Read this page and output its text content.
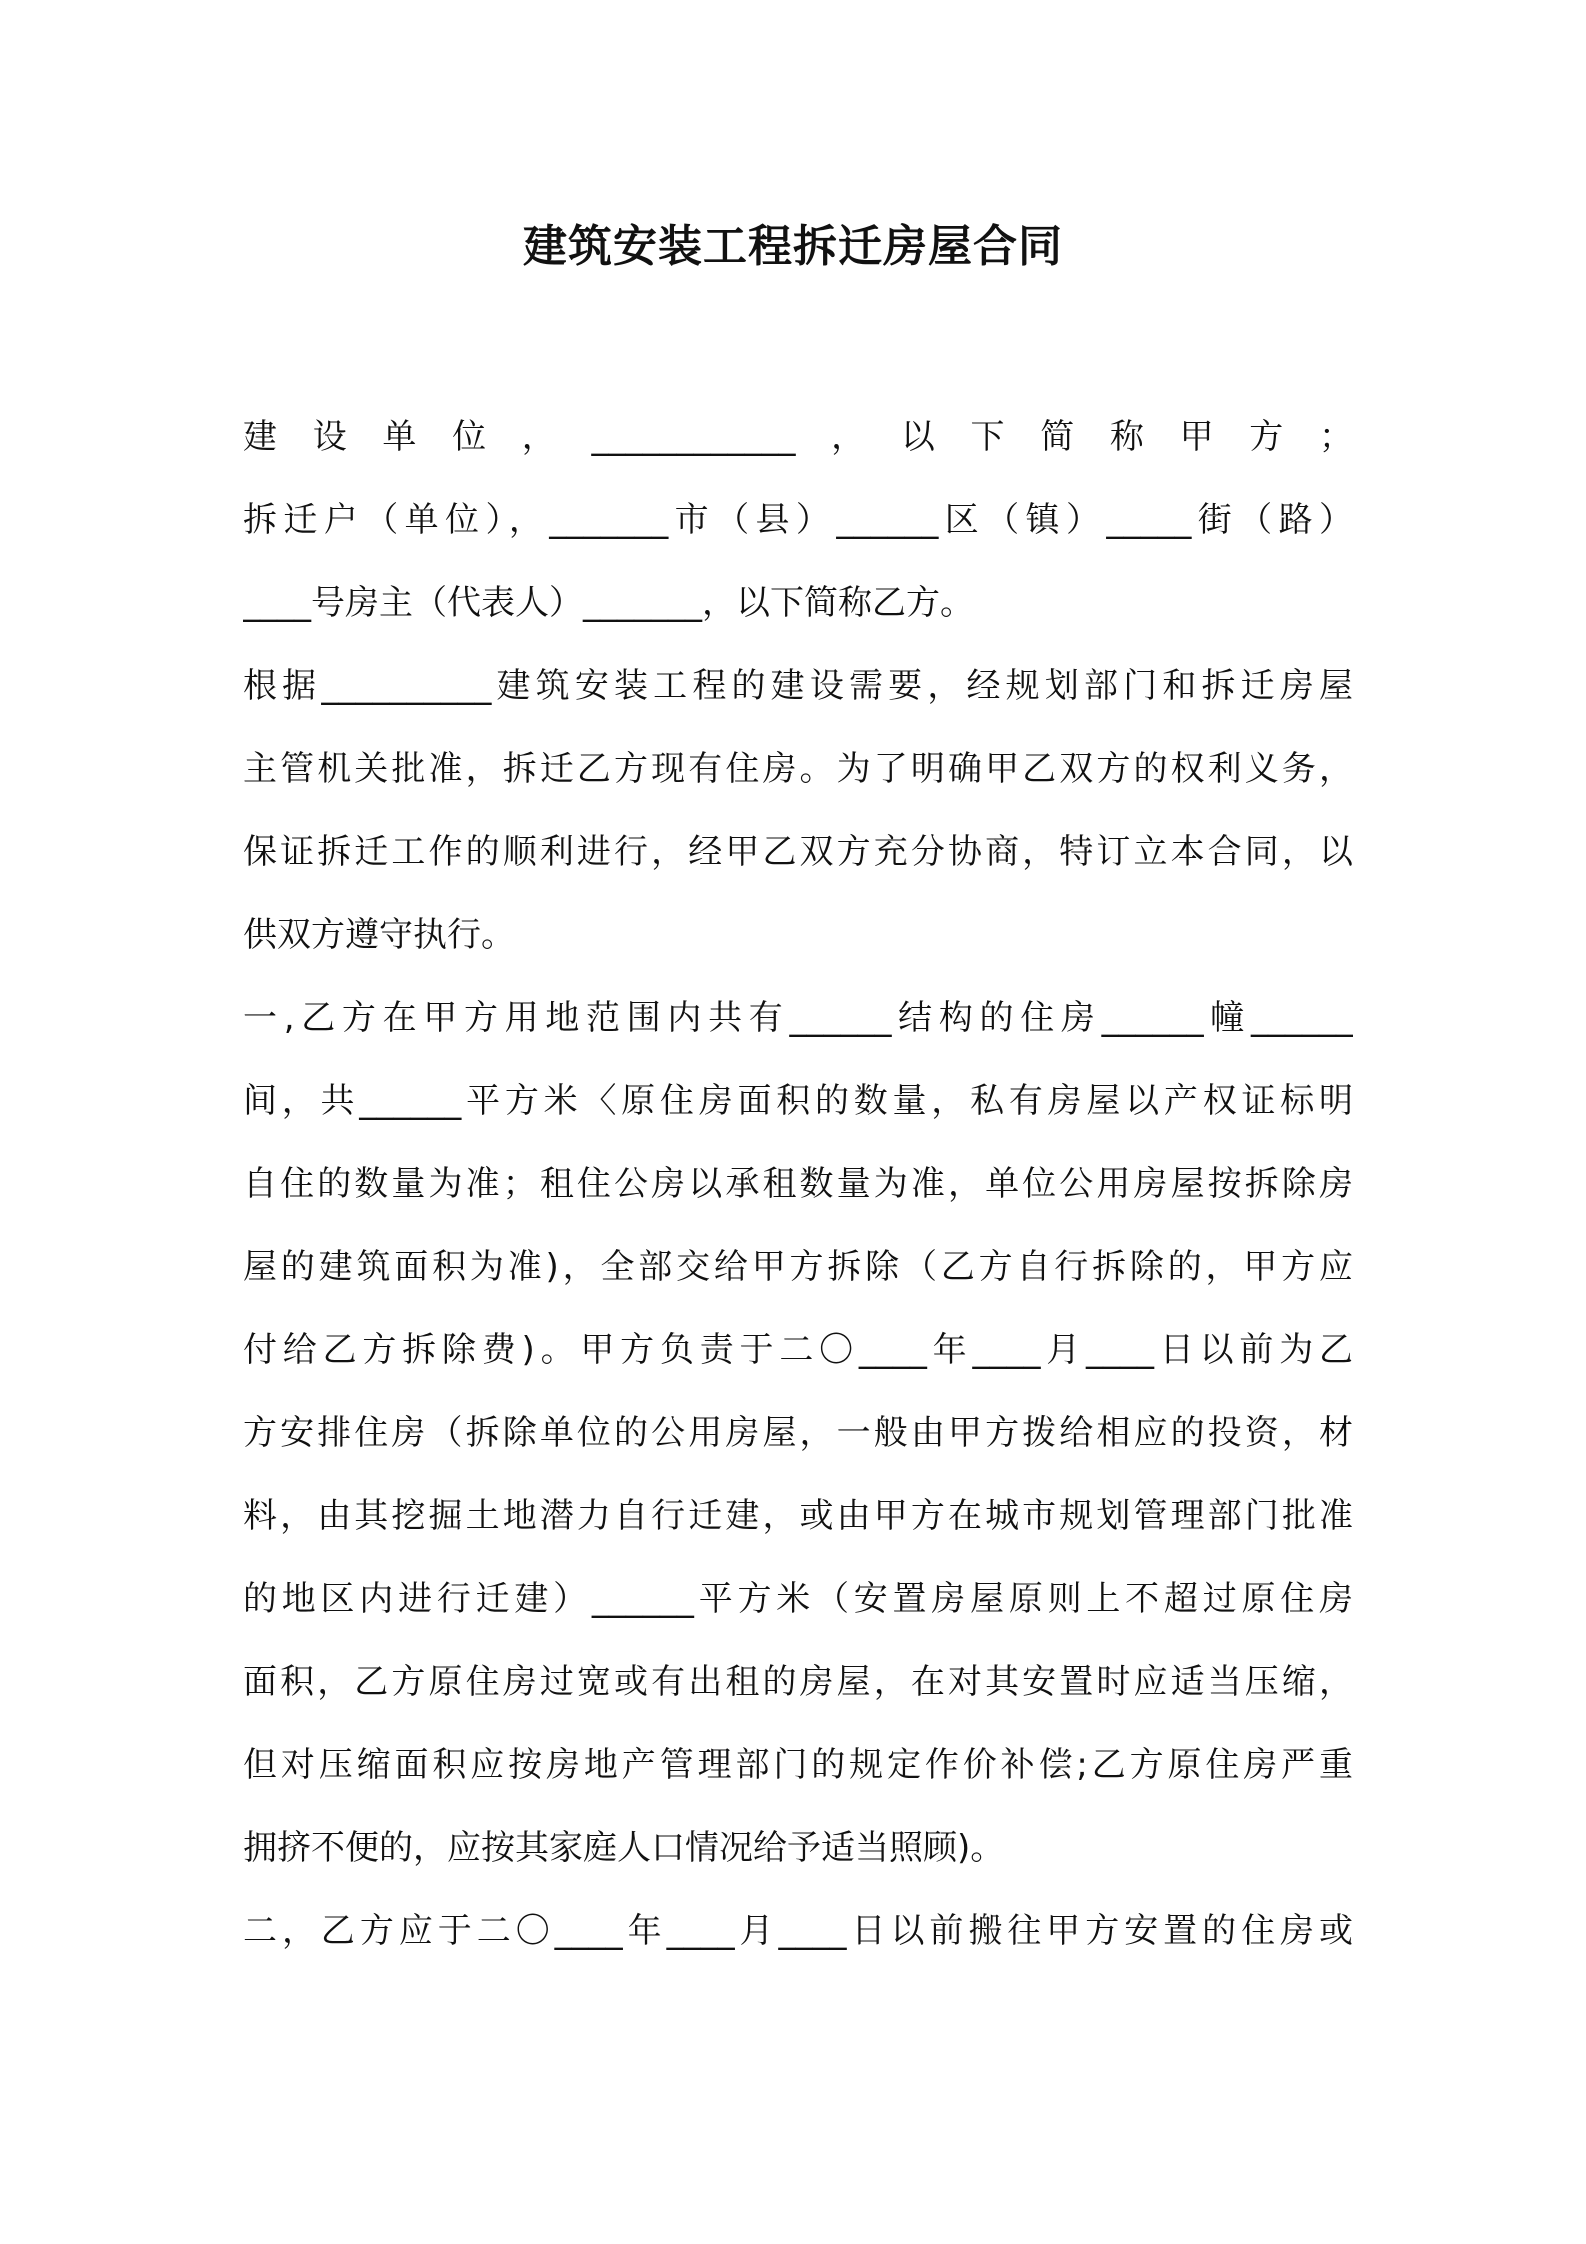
建筑安装工程拆迁房屋合同
建设单位，____________，以下简称甲方；
拆迁户（单位），_______市（县）______区（镇）_____街（路）
____号房主（代表人）_______，以下简称乙方。
根据__________建筑安装工程的建设需要，经规划部门和拆迁房屋
主管机关批准，拆迁乙方现有住房。为了明确甲乙双方的权利义务，
保证拆迁工作的顺利进行，经甲乙双方充分协商，特订立本合同，以
供双方遵守执行。
一,乙方在甲方用地范围内共有______结构的住房______幢______
间，共______平方米〈原住房面积的数量，私有房屋以产权证标明
自住的数量为准；租住公房以承租数量为准，单位公用房屋按拆除房
屋的建筑面积为准)，全部交给甲方拆除（乙方自行拆除的，甲方应
付给乙方拆除费)。甲方负责于二〇____年____月____日以前为乙
方安排住房（拆除单位的公用房屋，一般由甲方拨给相应的投资，材
料，由其挖掘土地潜力自行迁建，或由甲方在城市规划管理部门批准
的地区内进行迁建）______平方米（安置房屋原则上不超过原住房
面积，乙方原住房过宽或有出租的房屋，在对其安置时应适当压缩，
但对压缩面积应按房地产管理部门的规定作价补偿;乙方原住房严重
拥挤不便的，应按其家庭人口情况给予适当照顾)。
二，乙方应于二〇____年____月____日以前搬往甲方安置的住房或
